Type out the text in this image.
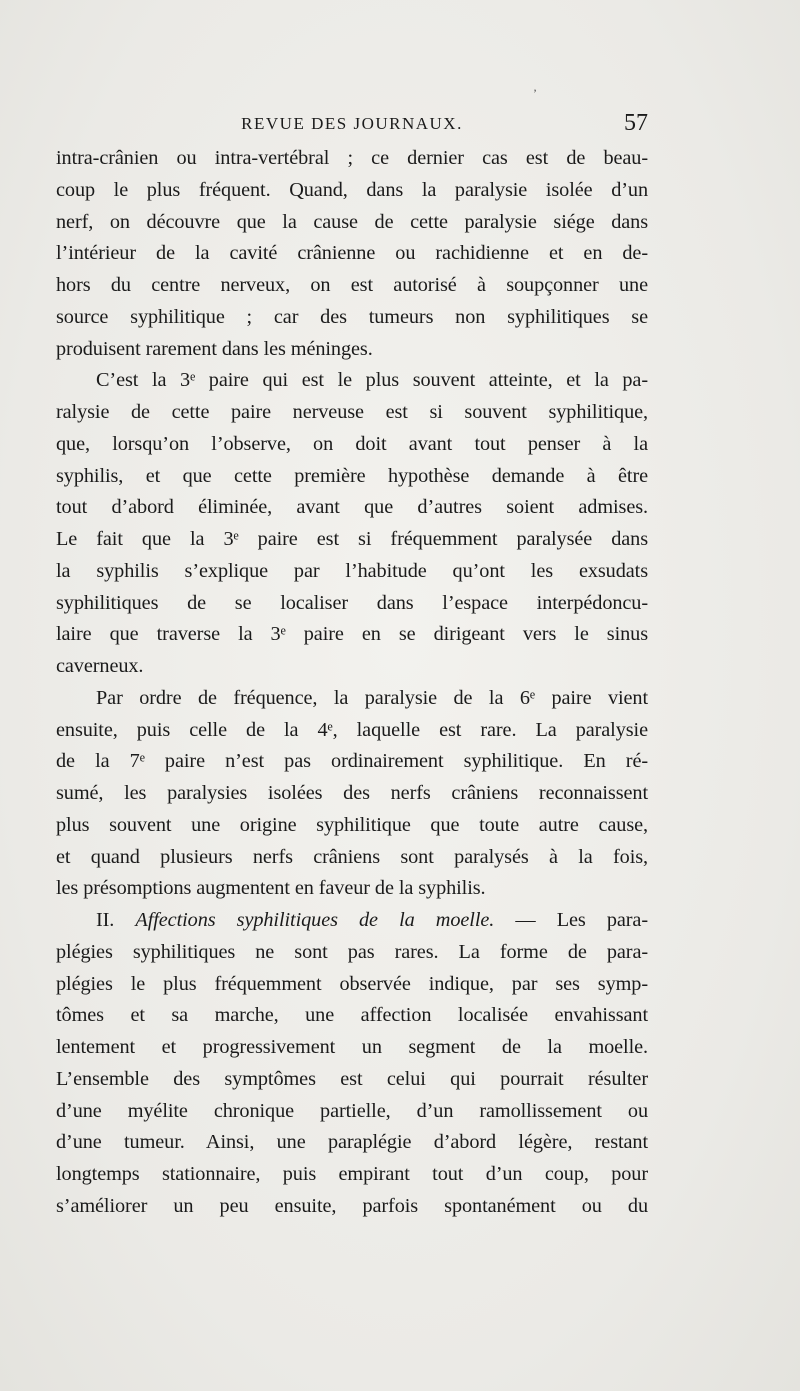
’
REVUE DES JOURNAUX.	57
intra-crânien ou intra-vertébral ; ce dernier cas est de beau-
coup le plus fréquent. Quand, dans la paralysie isolée d’un
nerf, on découvre que la cause de cette paralysie siége dans
l’intérieur de la cavité crânienne ou rachidienne et en de-
hors du centre nerveux, on est autorisé à soupçonner une
source syphilitique ; car des tumeurs non syphilitiques se
produisent rarement dans les méninges.
C’est la 3ᵉ paire qui est le plus souvent atteinte, et la pa-
ralysie de cette paire nerveuse est si souvent syphilitique,
que, lorsqu’on l’observe, on doit avant tout penser à la
syphilis, et que cette première hypothèse demande à être
tout d’abord éliminée, avant que d’autres soient admises.
Le fait que la 3ᵉ paire est si fréquemment paralysée dans
la syphilis s’explique par l’habitude qu’ont les exsudats
syphilitiques de se localiser dans l’espace interpédoncu-
laire que traverse la 3ᵉ paire en se dirigeant vers le sinus
caverneux.
Par ordre de fréquence, la paralysie de la 6ᵉ paire vient
ensuite, puis celle de la 4ᵉ, laquelle est rare. La paralysie
de la 7ᵉ paire n’est pas ordinairement syphilitique. En ré-
sumé, les paralysies isolées des nerfs crâniens reconnaissent
plus souvent une origine syphilitique que toute autre cause,
et quand plusieurs nerfs crâniens sont paralysés à la fois,
les présomptions augmentent en faveur de la syphilis.
II. Affections syphilitiques de la moelle. — Les para-
plégies syphilitiques ne sont pas rares. La forme de para-
plégies le plus fréquemment observée indique, par ses symp-
tômes et sa marche, une affection localisée envahissant
lentement et progressivement un segment de la moelle.
L’ensemble des symptômes est celui qui pourrait résulter
d’une myélite chronique partielle, d’un ramollissement ou
d’une tumeur. Ainsi, une paraplégie d’abord légère, restant
longtemps stationnaire, puis empirant tout d’un coup, pour
s’améliorer un peu ensuite, parfois spontanément ou du
